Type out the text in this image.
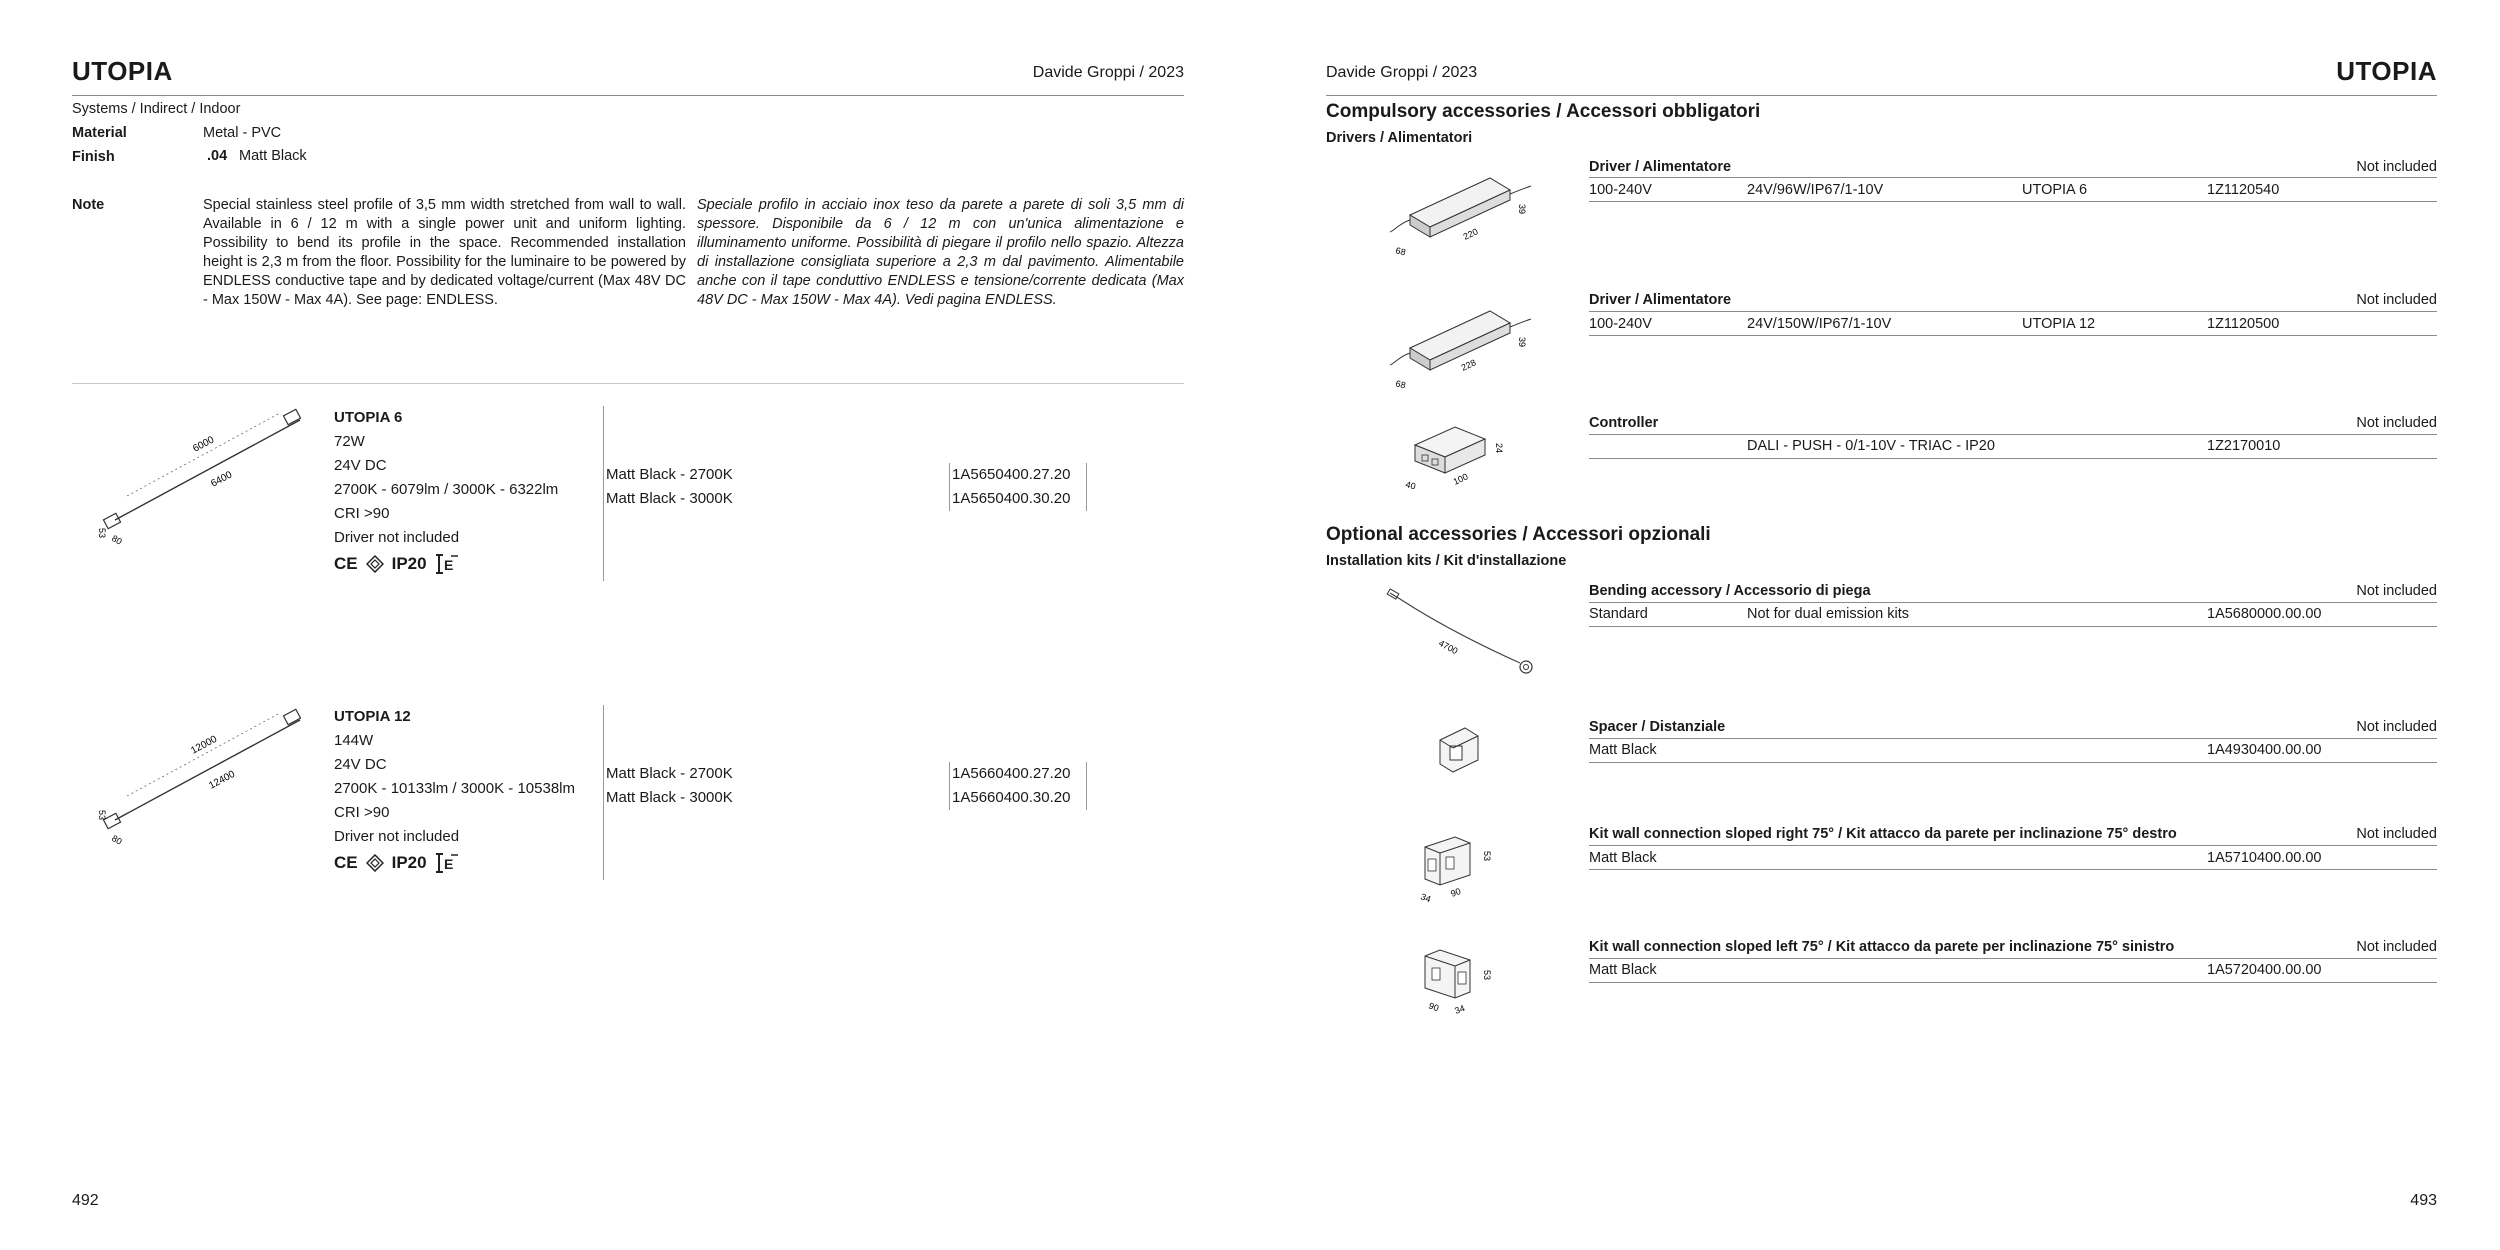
UTOPIA	Davide Groppi / 2023
Systems / Indirect / Indoor
Material	Metal - PVC
Finish	.04 Matt Black
Note	Special stainless steel profile of 3,5 mm width stretched from wall to wall. Available in 6 / 12 m with a single power unit and uniform lighting. Possibility to bend its profile in the space. Recommended installation height is 2,3 m from the floor. Possibility for the luminaire to be powered by ENDLESS conductive tape and by dedicated voltage/current (Max 48V DC - Max 150W - Max 4A). See page: ENDLESS.
Speciale profilo in acciaio inox teso da parete a parete di soli 3,5 mm di spessore. Disponibile da 6 / 12 m con un'unica alimentazione e illuminamento uniforme. Possibilità di piegare il profilo nello spazio. Altezza di installazione consigliata superiore a 2,3 m dal pavimento. Alimentabile anche con il tape conduttivo ENDLESS e tensione/corrente dedicata (Max 48V DC - Max 150W - Max 4A). Vedi pagina ENDLESS.
6000
6400
53
80
UTOPIA 6
72W
24V DC
2700K - 6079lm / 3000K - 6322lm
CRI >90
Driver not included
CE IP20 E
Matt Black - 2700K	1A5650400.27.20
Matt Black - 3000K	1A5650400.30.20
12000
12400
53
80
UTOPIA 12
144W
24V DC
2700K - 10133lm / 3000K - 10538lm
CRI >90
Driver not included
CE IP20 E
Matt Black - 2700K	1A5660400.27.20
Matt Black - 3000K	1A5660400.30.20
492
Davide Groppi / 2023	UTOPIA
Compulsory accessories / Accessori obbligatori
Drivers / Alimentatori
68
220
39
Driver / Alimentatore	Not included
100-240V	24V/96W/IP67/1-10V	UTOPIA 6	1Z1120540
68
228
39
Driver / Alimentatore	Not included
100-240V	24V/150W/IP67/1-10V	UTOPIA 12	1Z1120500
40	100
24
Controller	Not included
DALI - PUSH - 0/1-10V - TRIAC - IP20	1Z2170010
Optional accessories / Accessori opzionali
Installation kits / Kit d'installazione
4700
Bending accessory / Accessorio di piega	Not included
Standard	Not for dual emission kits	1A5680000.00.00
Spacer / Distanziale	Not included
Matt Black	1A4930400.00.00
34 90
53
Kit wall connection sloped right 75° / Kit attacco da parete per inclinazione 75° destro	Not included
Matt Black	1A5710400.00.00
90 34
53
Kit wall connection sloped left 75° / Kit attacco da parete per inclinazione 75° sinistro	Not included
Matt Black	1A5720400.00.00
493
